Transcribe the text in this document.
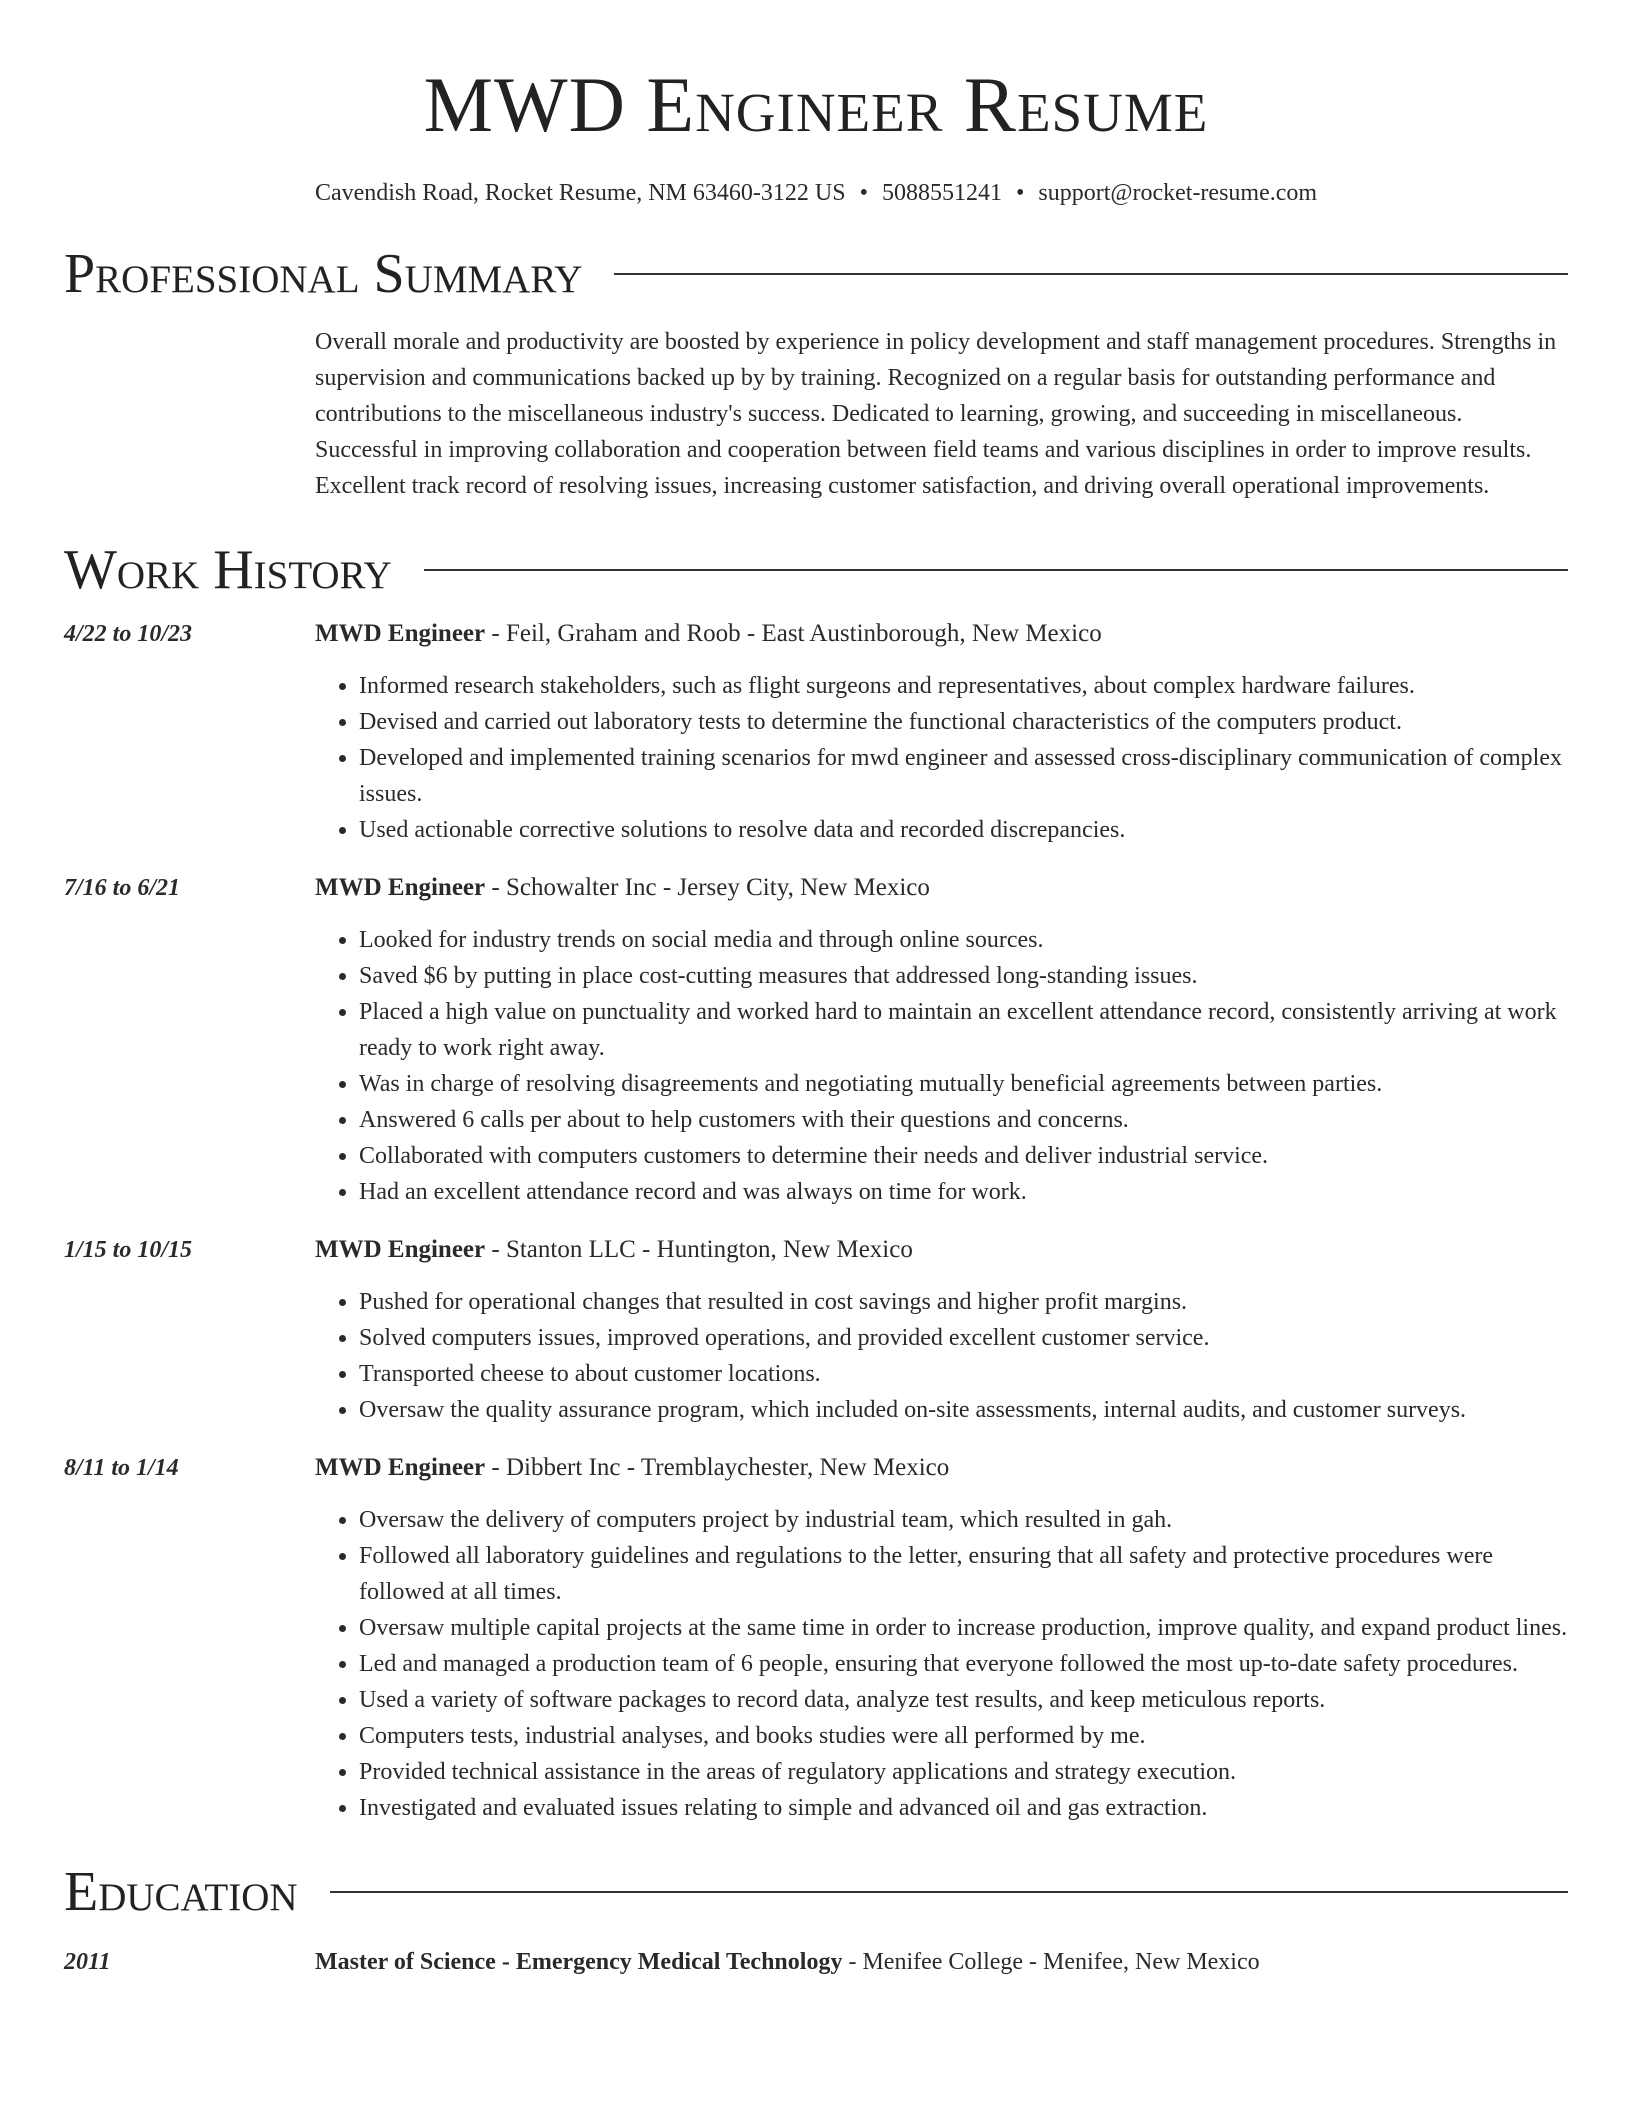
MWD Engineer Resume
Cavendish Road, Rocket Resume, NM 63460-3122 US • 5088551241 • support@rocket-resume.com
Professional Summary
Overall morale and productivity are boosted by experience in policy development and staff management procedures. Strengths in supervision and communications backed up by by training. Recognized on a regular basis for outstanding performance and contributions to the miscellaneous industry's success. Dedicated to learning, growing, and succeeding in miscellaneous. Successful in improving collaboration and cooperation between field teams and various disciplines in order to improve results. Excellent track record of resolving issues, increasing customer satisfaction, and driving overall operational improvements.
Work History
4/22 to 10/23	MWD Engineer - Feil, Graham and Roob - East Austinborough, New Mexico
• Informed research stakeholders, such as flight surgeons and representatives, about complex hardware failures.
• Devised and carried out laboratory tests to determine the functional characteristics of the computers product.
• Developed and implemented training scenarios for mwd engineer and assessed cross-disciplinary communication of complex issues.
• Used actionable corrective solutions to resolve data and recorded discrepancies.
7/16 to 6/21	MWD Engineer - Schowalter Inc - Jersey City, New Mexico
• Looked for industry trends on social media and through online sources.
• Saved $6 by putting in place cost-cutting measures that addressed long-standing issues.
• Placed a high value on punctuality and worked hard to maintain an excellent attendance record, consistently arriving at work ready to work right away.
• Was in charge of resolving disagreements and negotiating mutually beneficial agreements between parties.
• Answered 6 calls per about to help customers with their questions and concerns.
• Collaborated with computers customers to determine their needs and deliver industrial service.
• Had an excellent attendance record and was always on time for work.
1/15 to 10/15	MWD Engineer - Stanton LLC - Huntington, New Mexico
• Pushed for operational changes that resulted in cost savings and higher profit margins.
• Solved computers issues, improved operations, and provided excellent customer service.
• Transported cheese to about customer locations.
• Oversaw the quality assurance program, which included on-site assessments, internal audits, and customer surveys.
8/11 to 1/14	MWD Engineer - Dibbert Inc - Tremblaychester, New Mexico
• Oversaw the delivery of computers project by industrial team, which resulted in gah.
• Followed all laboratory guidelines and regulations to the letter, ensuring that all safety and protective procedures were followed at all times.
• Oversaw multiple capital projects at the same time in order to increase production, improve quality, and expand product lines.
• Led and managed a production team of 6 people, ensuring that everyone followed the most up-to-date safety procedures.
• Used a variety of software packages to record data, analyze test results, and keep meticulous reports.
• Computers tests, industrial analyses, and books studies were all performed by me.
• Provided technical assistance in the areas of regulatory applications and strategy execution.
• Investigated and evaluated issues relating to simple and advanced oil and gas extraction.
Education
2011	Master of Science - Emergency Medical Technology - Menifee College - Menifee, New Mexico
